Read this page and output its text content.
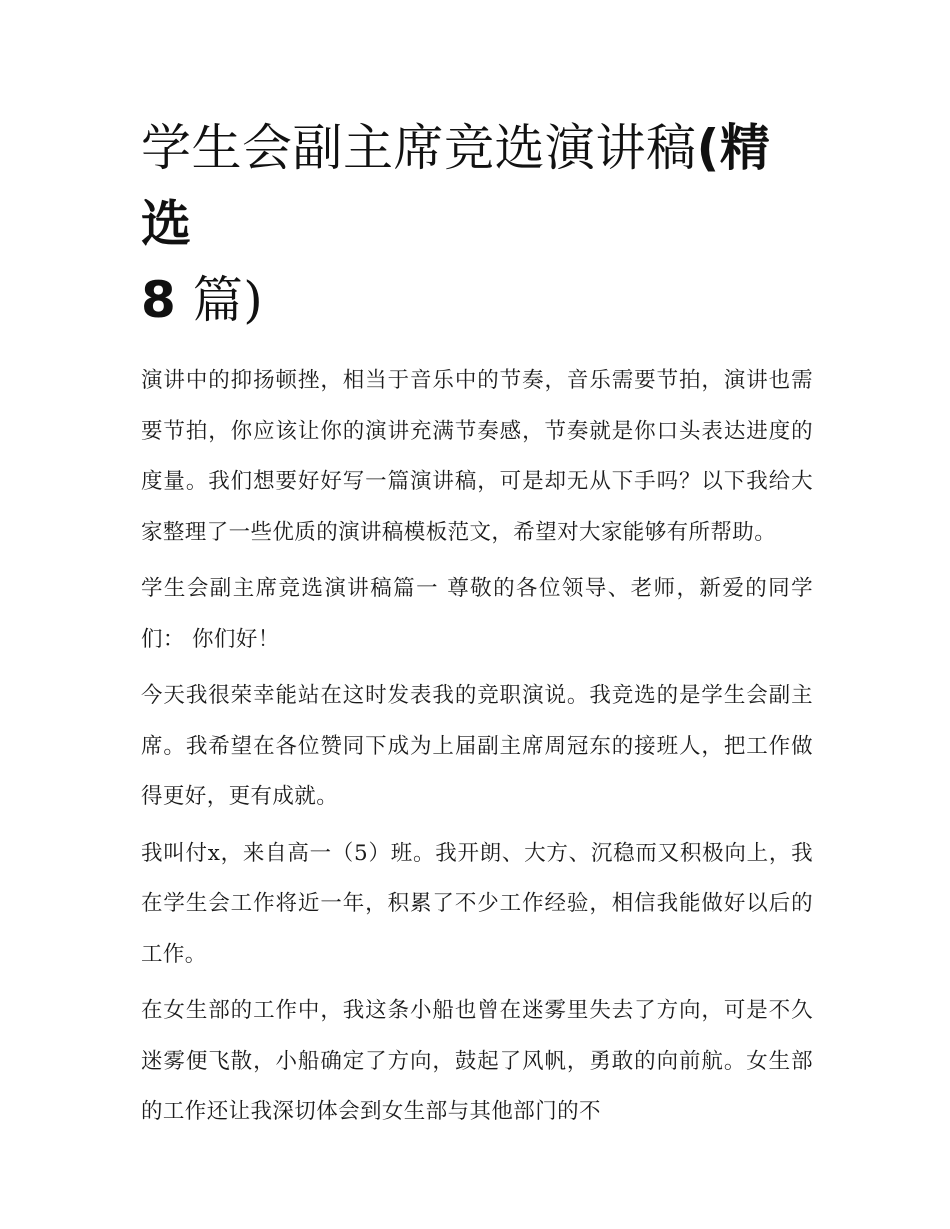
学生会副主席竞选演讲稿(精选
8 篇)

演讲中的抑扬顿挫，相当于音乐中的节奏，音乐需要节拍，演讲也需要节拍，你应该让你的演讲充满节奏感，节奏就是你口头表达进度的度量。我们想要好好写一篇演讲稿，可是却无从下手吗？以下我给大家整理了一些优质的演讲稿模板范文，希望对大家能够有所帮助。

学生会副主席竞选演讲稿篇一 尊敬的各位领导、老师，新爱的同学们： 你们好！

今天我很荣幸能站在这时发表我的竞职演说。我竞选的是学生会副主席。我希望在各位赞同下成为上届副主席周冠东的接班人，把工作做得更好，更有成就。

我叫付x，来自高一（5）班。我开朗、大方、沉稳而又积极向上，我在学生会工作将近一年，积累了不少工作经验，相信我能做好以后的工作。

在女生部的工作中，我这条小船也曾在迷雾里失去了方向，可是不久迷雾便飞散，小船确定了方向，鼓起了风帆，勇敢的向前航。女生部的工作还让我深切体会到女生部与其他部门的不
